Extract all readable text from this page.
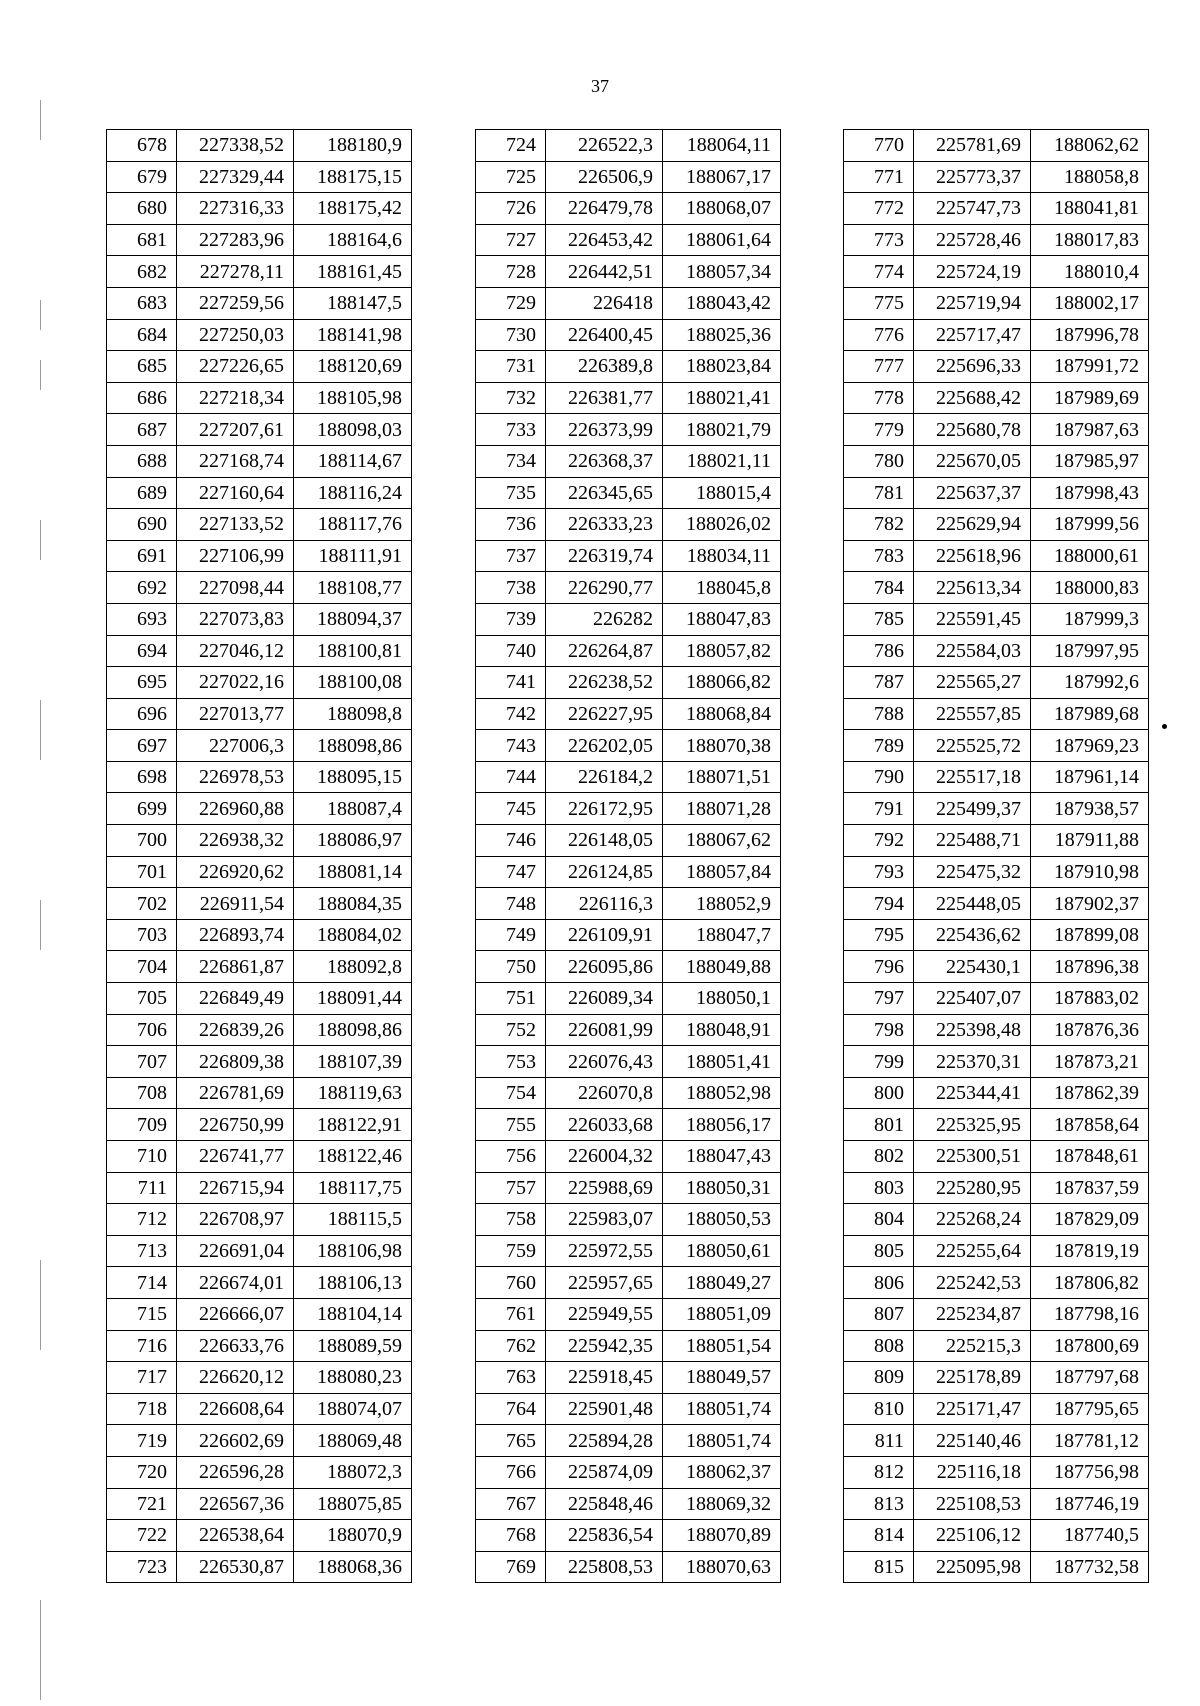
37
678	227338,52	188180,9
679	227329,44	188175,15
680	227316,33	188175,42
681	227283,96	188164,6
682	227278,11	188161,45
683	227259,56	188147,5
684	227250,03	188141,98
685	227226,65	188120,69
686	227218,34	188105,98
687	227207,61	188098,03
688	227168,74	188114,67
689	227160,64	188116,24
690	227133,52	188117,76
691	227106,99	188111,91
692	227098,44	188108,77
693	227073,83	188094,37
694	227046,12	188100,81
695	227022,16	188100,08
696	227013,77	188098,8
697	227006,3	188098,86
698	226978,53	188095,15
699	226960,88	188087,4
700	226938,32	188086,97
701	226920,62	188081,14
702	226911,54	188084,35
703	226893,74	188084,02
704	226861,87	188092,8
705	226849,49	188091,44
706	226839,26	188098,86
707	226809,38	188107,39
708	226781,69	188119,63
709	226750,99	188122,91
710	226741,77	188122,46
711	226715,94	188117,75
712	226708,97	188115,5
713	226691,04	188106,98
714	226674,01	188106,13
715	226666,07	188104,14
716	226633,76	188089,59
717	226620,12	188080,23
718	226608,64	188074,07
719	226602,69	188069,48
720	226596,28	188072,3
721	226567,36	188075,85
722	226538,64	188070,9
723	226530,87	188068,36
724	226522,3	188064,11
725	226506,9	188067,17
726	226479,78	188068,07
727	226453,42	188061,64
728	226442,51	188057,34
729	226418	188043,42
730	226400,45	188025,36
731	226389,8	188023,84
732	226381,77	188021,41
733	226373,99	188021,79
734	226368,37	188021,11
735	226345,65	188015,4
736	226333,23	188026,02
737	226319,74	188034,11
738	226290,77	188045,8
739	226282	188047,83
740	226264,87	188057,82
741	226238,52	188066,82
742	226227,95	188068,84
743	226202,05	188070,38
744	226184,2	188071,51
745	226172,95	188071,28
746	226148,05	188067,62
747	226124,85	188057,84
748	226116,3	188052,9
749	226109,91	188047,7
750	226095,86	188049,88
751	226089,34	188050,1
752	226081,99	188048,91
753	226076,43	188051,41
754	226070,8	188052,98
755	226033,68	188056,17
756	226004,32	188047,43
757	225988,69	188050,31
758	225983,07	188050,53
759	225972,55	188050,61
760	225957,65	188049,27
761	225949,55	188051,09
762	225942,35	188051,54
763	225918,45	188049,57
764	225901,48	188051,74
765	225894,28	188051,74
766	225874,09	188062,37
767	225848,46	188069,32
768	225836,54	188070,89
769	225808,53	188070,63
770	225781,69	188062,62
771	225773,37	188058,8
772	225747,73	188041,81
773	225728,46	188017,83
774	225724,19	188010,4
775	225719,94	188002,17
776	225717,47	187996,78
777	225696,33	187991,72
778	225688,42	187989,69
779	225680,78	187987,63
780	225670,05	187985,97
781	225637,37	187998,43
782	225629,94	187999,56
783	225618,96	188000,61
784	225613,34	188000,83
785	225591,45	187999,3
786	225584,03	187997,95
787	225565,27	187992,6
788	225557,85	187989,68
789	225525,72	187969,23
790	225517,18	187961,14
791	225499,37	187938,57
792	225488,71	187911,88
793	225475,32	187910,98
794	225448,05	187902,37
795	225436,62	187899,08
796	225430,1	187896,38
797	225407,07	187883,02
798	225398,48	187876,36
799	225370,31	187873,21
800	225344,41	187862,39
801	225325,95	187858,64
802	225300,51	187848,61
803	225280,95	187837,59
804	225268,24	187829,09
805	225255,64	187819,19
806	225242,53	187806,82
807	225234,87	187798,16
808	225215,3	187800,69
809	225178,89	187797,68
810	225171,47	187795,65
811	225140,46	187781,12
812	225116,18	187756,98
813	225108,53	187746,19
814	225106,12	187740,5
815	225095,98	187732,58
